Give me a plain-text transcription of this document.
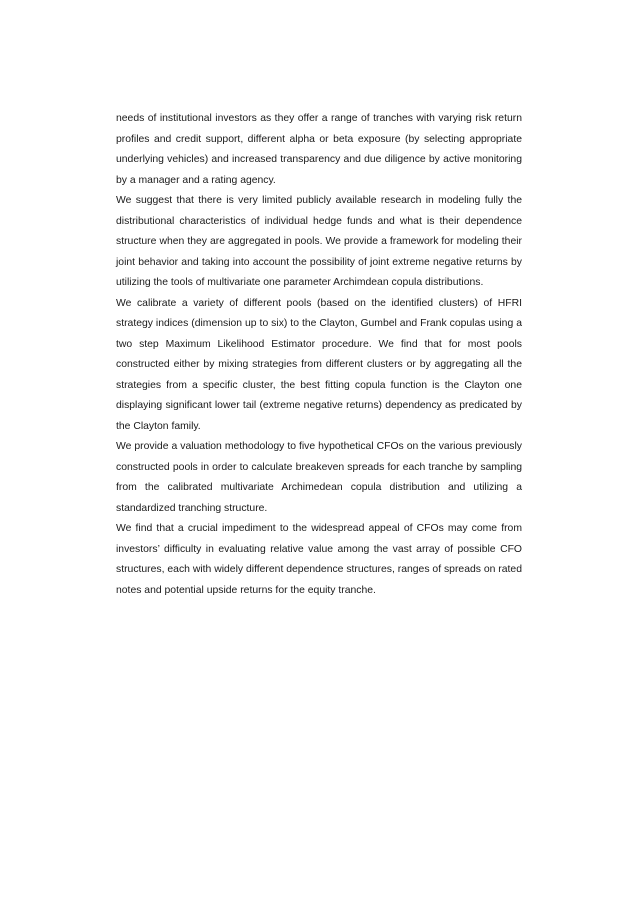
needs of institutional investors as they offer a range of tranches with varying risk return profiles and credit support, different alpha or beta exposure (by selecting appropriate underlying vehicles) and increased transparency and due diligence by active monitoring by a manager and a rating agency.

We suggest that there is very limited publicly available research in modeling fully the distributional characteristics of individual hedge funds and what is their dependence structure when they are aggregated in pools. We provide a framework for modeling their joint behavior and taking into account the possibility of joint extreme negative returns by utilizing the tools of multivariate one parameter Archimdean copula distributions.

We calibrate a variety of different pools (based on the identified clusters) of HFRI strategy indices (dimension up to six) to the Clayton, Gumbel and Frank copulas using a two step Maximum Likelihood Estimator procedure. We find that for most pools constructed either by mixing strategies from different clusters or by aggregating all the strategies from a specific cluster, the best fitting copula function is the Clayton one displaying significant lower tail (extreme negative returns) dependency as predicated by the Clayton family.

We provide a valuation methodology to five hypothetical CFOs on the various previously constructed pools in order to calculate breakeven spreads for each tranche by sampling from the calibrated multivariate Archimedean copula distribution and utilizing a standardized tranching structure.

We find that a crucial impediment to the widespread appeal of CFOs may come from investors’ difficulty in evaluating relative value among the vast array of possible CFO structures, each with widely different dependence structures, ranges of spreads on rated notes and potential upside returns for the equity tranche.
